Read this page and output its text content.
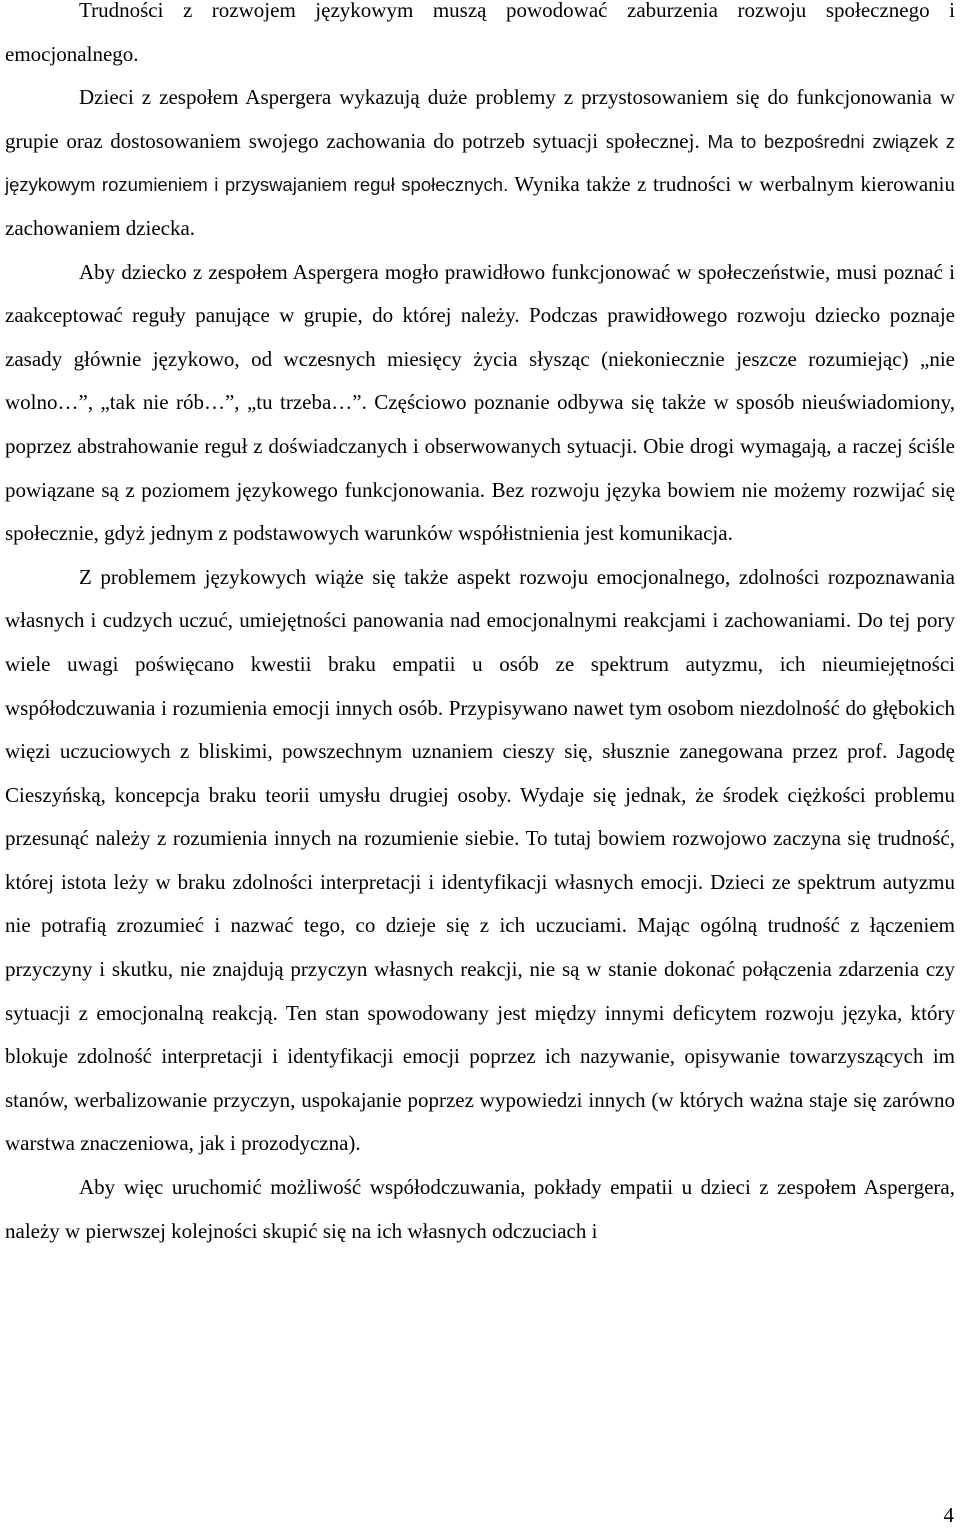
Trudności z rozwojem językowym muszą powodować zaburzenia rozwoju społecznego i emocjonalnego.

Dzieci z zespołem Aspergera wykazują duże problemy z przystosowaniem się do funkcjonowania w grupie oraz dostosowaniem swojego zachowania do potrzeb sytuacji społecznej. Ma to bezpośredni związek z językowym rozumieniem i przyswajaniem reguł społecznych. Wynika także z trudności w werbalnym kierowaniu zachowaniem dziecka.

Aby dziecko z zespołem Aspergera mogło prawidłowo funkcjonować w społeczeństwie, musi poznać i zaakceptować reguły panujące w grupie, do której należy. Podczas prawidłowego rozwoju dziecko poznaje zasady głównie językowo, od wczesnych miesięcy życia słysząc (niekoniecznie jeszcze rozumiejąc) „nie wolno…”, „tak nie rób…”, „tu trzeba…”. Częściowo poznanie odbywa się także w sposób nieuświadomiony, poprzez abstrahowanie reguł z doświadczanych i obserwowanych sytuacji. Obie drogi wymagają, a raczej ściśle powiązane są z poziomem językowego funkcjonowania. Bez rozwoju języka bowiem nie możemy rozwijać się społecznie, gdyż jednym z podstawowych warunków współistnienia jest komunikacja.

Z problemem językowych wiąże się także aspekt rozwoju emocjonalnego, zdolności rozpoznawania własnych i cudzych uczuć, umiejętności panowania nad emocjonalnymi reakcjami i zachowaniami. Do tej pory wiele uwagi poświęcano kwestii braku empatii u osób ze spektrum autyzmu, ich nieumiejętności współodczuwania i rozumienia emocji innych osób. Przypisywano nawet tym osobom niezdolność do głębokich więzi uczuciowych z bliskimi, powszechnym uznaniem cieszy się, słusznie zanegowana przez prof. Jagodę Cieszyńską, koncepcja braku teorii umysłu drugiej osoby. Wydaje się jednak, że środek ciężkości problemu przesunąć należy z rozumienia innych na rozumienie siebie. To tutaj bowiem rozwojowo zaczyna się trudność, której istota leży w braku zdolności interpretacji i identyfikacji własnych emocji. Dzieci ze spektrum autyzmu nie potrafią zrozumieć i nazwać tego, co dzieje się z ich uczuciami. Mając ogólną trudność z łączeniem przyczyny i skutku, nie znajdują przyczyn własnych reakcji, nie są w stanie dokonać połączenia zdarzenia czy sytuacji z emocjonalną reakcją. Ten stan spowodowany jest między innymi deficytem rozwoju języka, który blokuje zdolność interpretacji i identyfikacji emocji poprzez ich nazywanie, opisywanie towarzyszących im stanów, werbalizowanie przyczyn, uspokajanie poprzez wypowiedzi innych (w których ważna staje się zarówno warstwa znaczeniowa, jak i prozodyczna).

Aby więc uruchomić możliwość współodczuwania, pokłady empatii u dzieci z zespołem Aspergera, należy w pierwszej kolejności skupić się na ich własnych odczuciach i

4
